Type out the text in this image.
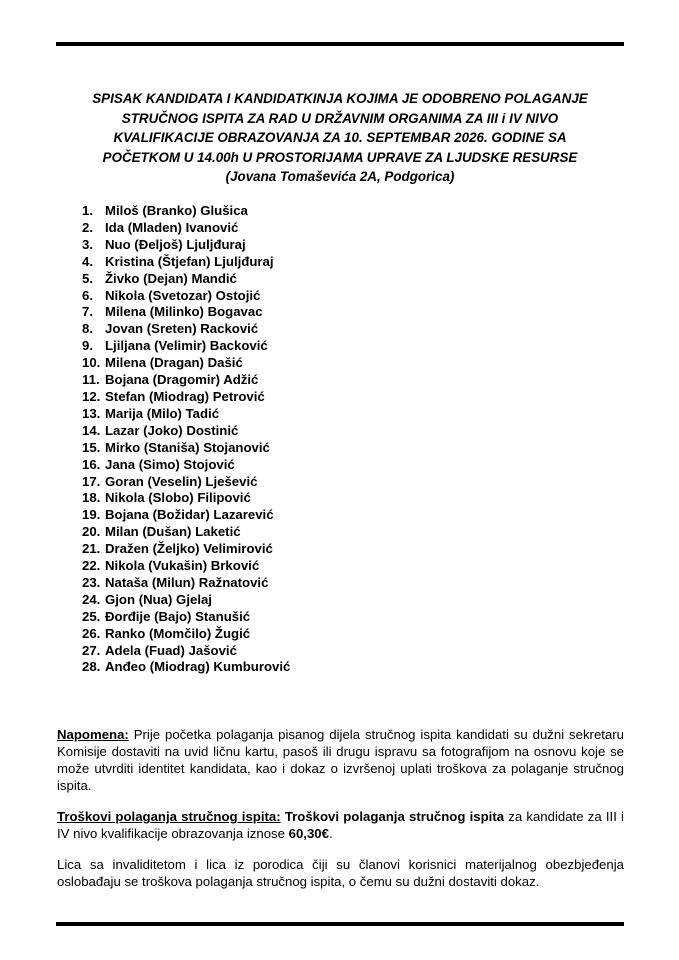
SPISAK KANDIDATA I KANDIDATKINJA KOJIMA JE ODOBRENO POLAGANJE
STRUČNOG ISPITA ZA RAD U DRŽAVNIM ORGANIMA ZA III i IV NIVO
KVALIFIKACIJE OBRAZOVANJA ZA 10. SEPTEMBAR 2026. GODINE SA
POČETKOM U 14.00h U PROSTORIJAMA UPRAVE ZA LJUDSKE RESURSE
(Jovana Tomaševića 2A, Podgorica)
1. Miloš (Branko) Glušica
2. Ida (Mladen) Ivanović
3. Nuo (Đeljoš) Ljuljđuraj
4. Kristina (Štjefan) Ljuljđuraj
5. Živko (Dejan) Mandić
6. Nikola (Svetozar) Ostojić
7. Milena (Milinko) Bogavac
8. Jovan (Sreten) Racković
9. Ljiljana (Velimir) Backović
10. Milena (Dragan) Dašić
11. Bojana (Dragomir) Adžić
12. Stefan (Miodrag) Petrović
13. Marija (Milo) Tadić
14. Lazar (Joko) Dostinić
15. Mirko (Staniša) Stojanović
16. Jana (Simo) Stojović
17. Goran (Veselin) Lješević
18. Nikola (Slobo) Filipović
19. Bojana (Božidar) Lazarević
20. Milan (Dušan) Laketić
21. Dražen (Željko) Velimirović
22. Nikola (Vukašin) Brković
23. Nataša (Milun) Ražnatović
24. Gjon (Nua) Gjelaj
25. Đorđije (Bajo) Stanušić
26. Ranko (Momčilo) Žugić
27. Adela (Fuad) Jašović
28. Anđeo (Miodrag) Kumburović

Napomena: Prije početka polaganja pisanog dijela stručnog ispita kandidati su dužni sekretaru Komisije dostaviti na uvid ličnu kartu, pasoš ili drugu ispravu sa fotografijom na osnovu koje se može utvrditi identitet kandidata, kao i dokaz o izvršenoj uplati troškova za polaganje stručnog ispita.

Troškovi polaganja stručnog ispita: Troškovi polaganja stručnog ispita za kandidate za III i IV nivo kvalifikacije obrazovanja iznose 60,30€.

Lica sa invaliditetom i lica iz porodica čiji su članovi korisnici materijalnog obezbjeđenja oslobađaju se troškova polaganja stručnog ispita, o čemu su dužni dostaviti dokaz.
